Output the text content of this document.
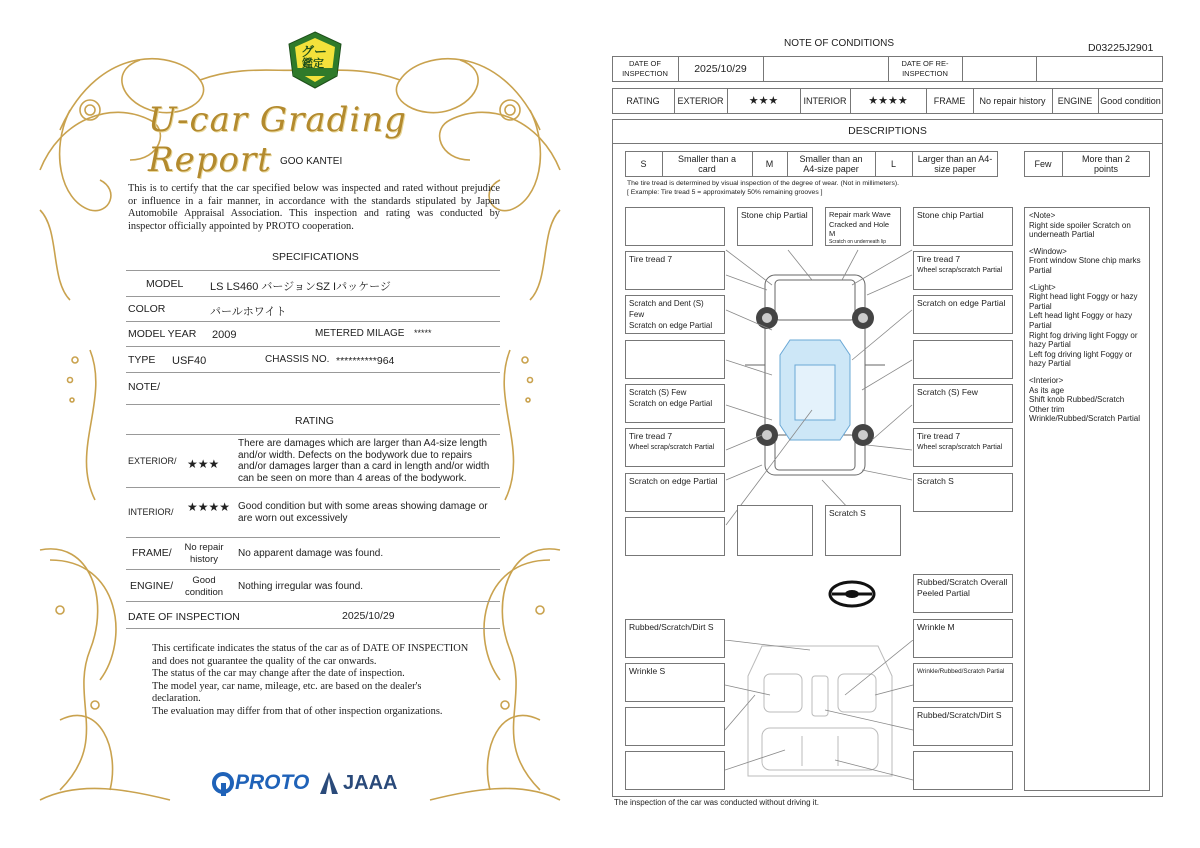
グー
鑑定
U-car Grading Report GOO KANTEI
This is to certify that the car specified below was inspected and rated without prejudice or influence in a fair manner, in accordance with the standards stipulated by Japan Automobile Appraisal Association. This inspection and rating was conducted by inspector officially appointed by PROTO cooperation.
SPECIFICATIONS
MODEL LS LS460 バージョンSZ Iパッケージ
COLOR	パールホワイト
MODEL YEAR 2009	METERED MILAGE *****
TYPE USF40	CHASSIS NO. **********964
NOTE/
RATING
EXTERIOR/ ★★★
There are damages which are larger than A4-size length and/or width. Defects on the bodywork due to repairs and/or damages larger than a card in length and/or width can be seen on more than 4 areas of the bodywork.
INTERIOR/ ★★★★ Good condition but with some areas showing damage or are worn out excessively
FRAME/	No repair history
No apparent damage was found.
ENGINE/	Good condition
Nothing irregular was found.
DATE OF INSPECTION	2025/10/29
This certificate indicates the status of the car as of DATE OF INSPECTION and does not guarantee the quality of the car onwards.
The status of the car may change after the date of inspection.
The model year, car name, mileage, etc. are based on the dealer's declaration.
The evaluation may differ from that of other inspection organizations.
PROTO JAAA
NOTE OF CONDITIONS	D03225J2901
DATE OF INSPECTION	2025/10/29	DATE OF RE-INSPECTION
RATING	EXTERIOR	★★★	INTERIOR	★★★★	FRAME	No repair history	ENGINE Good condition
DESCRIPTIONS
S	Smaller than a card	M	Smaller than an A4-size paper	L	Larger than an A4-size paper	Few	More than 2 points
The tire tread is determined by visual inspection of the degree of wear. (Not in millimeters).
[ Example: Tire tread 5 = approximately 50% remaining grooves ]
Stone chip Partial	Repair mark Wave
Cracked and Hole M
Scratch on underneath lip
Stone chip Partial
Tire tread 7	Tire tread 7
Wheel scrap/scratch Partial
Scratch and Dent (S) Few
Scratch on edge Partial
Scratch on edge Partial
Scratch (S) Few
Scratch on edge Partial
Scratch (S) Few
Tire tread 7
Wheel scrap/scratch Partial
Tire tread 7
Wheel scrap/scratch Partial
Scratch on edge Partial	Scratch S
Scratch S
Rubbed/Scratch Overall
Peeled Partial
Rubbed/Scratch/Dirt S	Wrinkle M
Wrinkle S	Wrinkle/Rubbed/Scratch Partial
Rubbed/Scratch/Dirt S
<Note>
Right side spoiler Scratch on underneath Partial
<Window>
Front window Stone chip marks Partial
<Light>
Right head light Foggy or hazy Partial
Left head light Foggy or hazy Partial
Right fog driving light Foggy or hazy Partial
Left fog driving light Foggy or hazy Partial
<Interior>
As its age
Shift knob Rubbed/Scratch
Other trim
Wrinkle/Rubbed/Scratch Partial
The inspection of the car was conducted without driving it.
